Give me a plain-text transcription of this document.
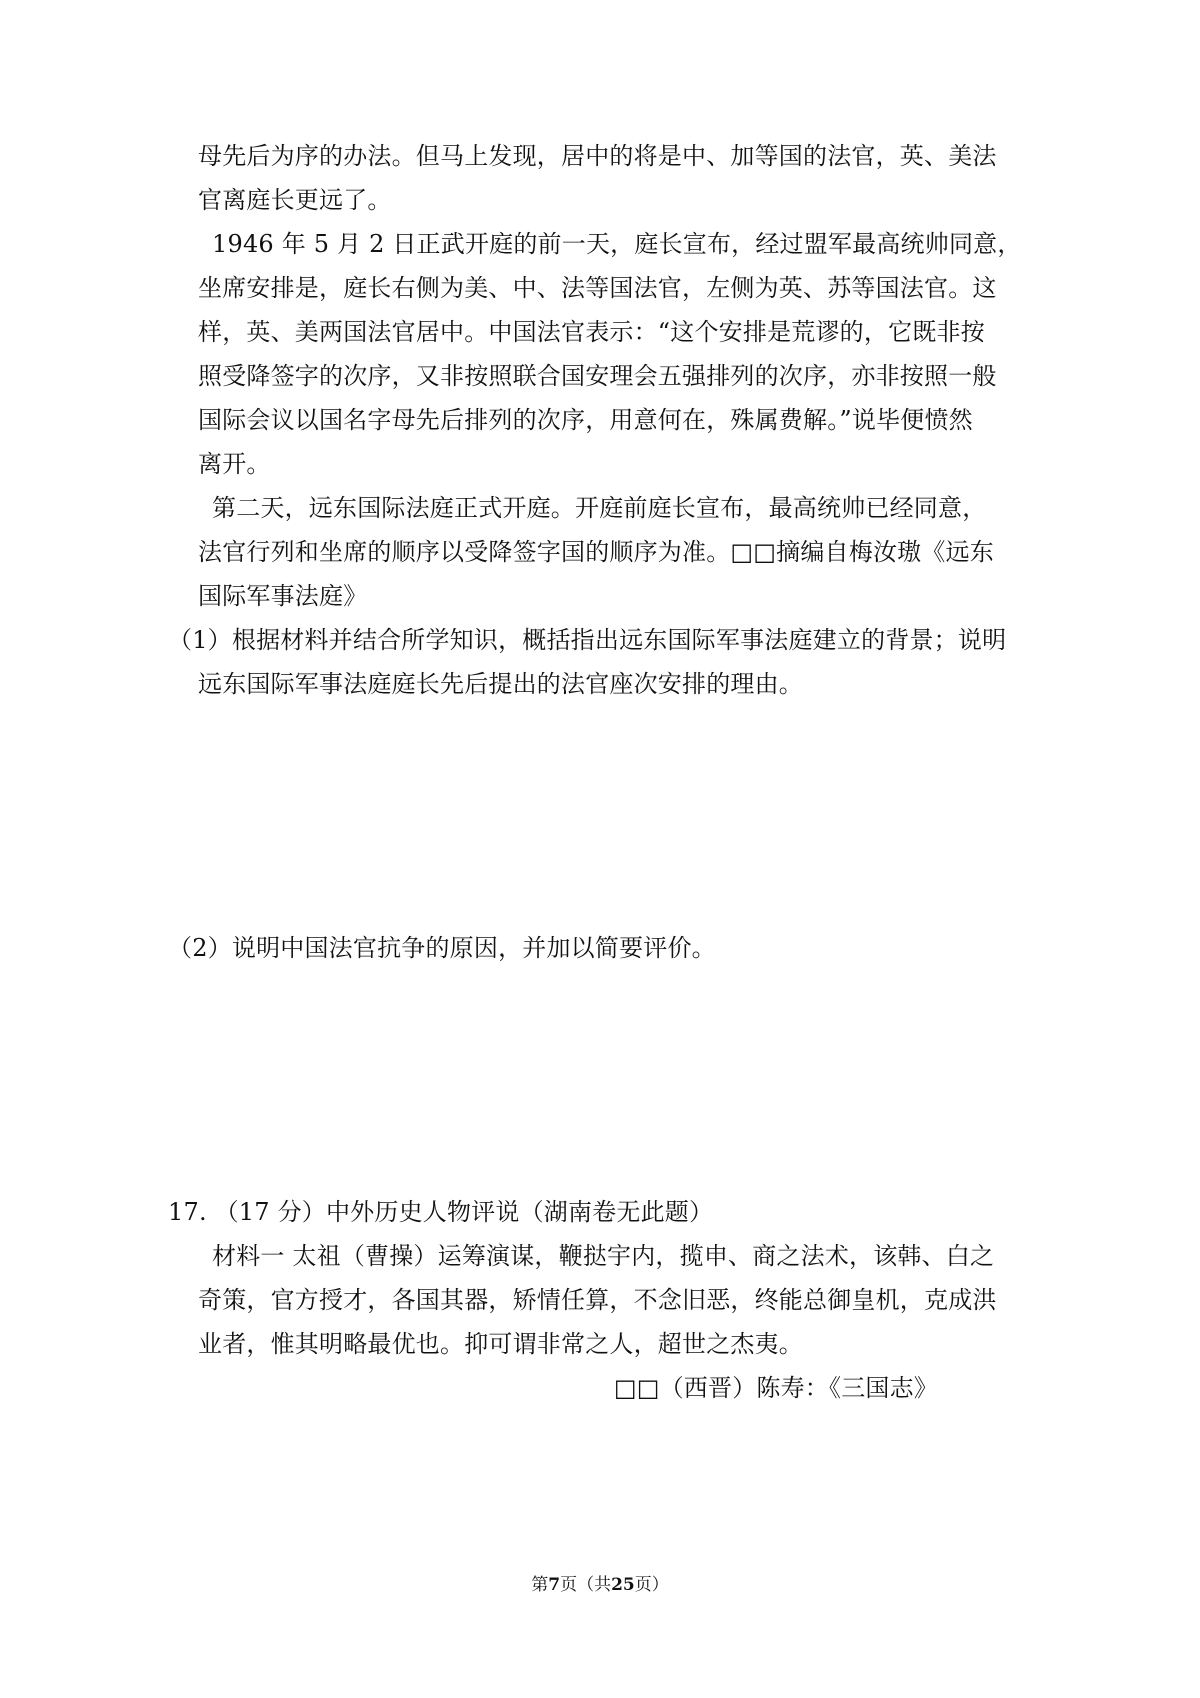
母先后为序的办法。但马上发现，居中的将是中、加等国的法官，英、美法
官离庭长更远了。
1946 年 5 月 2 日正武开庭的前一天，庭长宣布，经过盟军最高统帅同意，
坐席安排是，庭长右侧为美、中、法等国法官，左侧为英、苏等国法官。这
样，英、美两国法官居中。中国法官表示：“这个安排是荒谬的，它既非按
照受降签字的次序，又非按照联合国安理会五强排列的次序，亦非按照一般
国际会议以国名字母先后排列的次序，用意何在，殊属费解。”说毕便愤然
离开。
第二天，远东国际法庭正式开庭。开庭前庭长宣布，最高统帅已经同意，
法官行列和坐席的顺序以受降签字国的顺序为准。□□摘编自梅汝璈《远东
国际军事法庭》
（1）根据材料并结合所学知识，概括指出远东国际军事法庭建立的背景；说明
远东国际军事法庭庭长先后提出的法官座次安排的理由。
（2）说明中国法官抗争的原因，并加以简要评价。
17. （17 分）中外历史人物评说（湖南卷无此题）
材料一 太祖（曹操）运筹演谋，鞭挞宇内，揽申、商之法术，该韩、白之
奇策，官方授才，各国其器，矫情任算，不念旧恶，终能总御皇机，克成洪
业者，惟其明略最优也。抑可谓非常之人，超世之杰夷。
□□（西晋）陈寿：《三国志》
第7页（共25页）
